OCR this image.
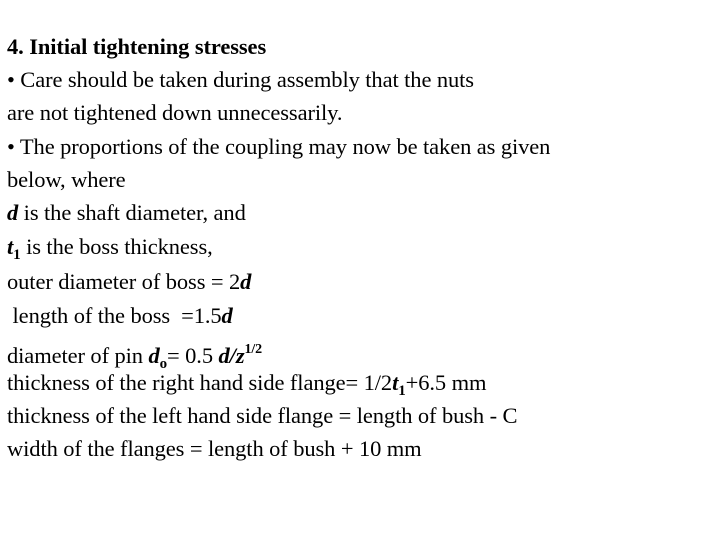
4. Initial tightening stresses
• Care should be taken during assembly that the nuts
are not tightened down unnecessarily.
• The proportions of the coupling may now be taken as given
below, where
d is the shaft diameter, and
$t_1$ is the boss thickness,
outer diameter of boss = 2d
length of the boss  =1.5d
diameter of pin $d_o= 0.5$ $d/z^{1/2}$
thickness of the right hand side flange= $1/2t_1+6.5$ mm
thickness of the left hand side flange = length of bush - C
width of the flanges = length of bush + 10 mm
